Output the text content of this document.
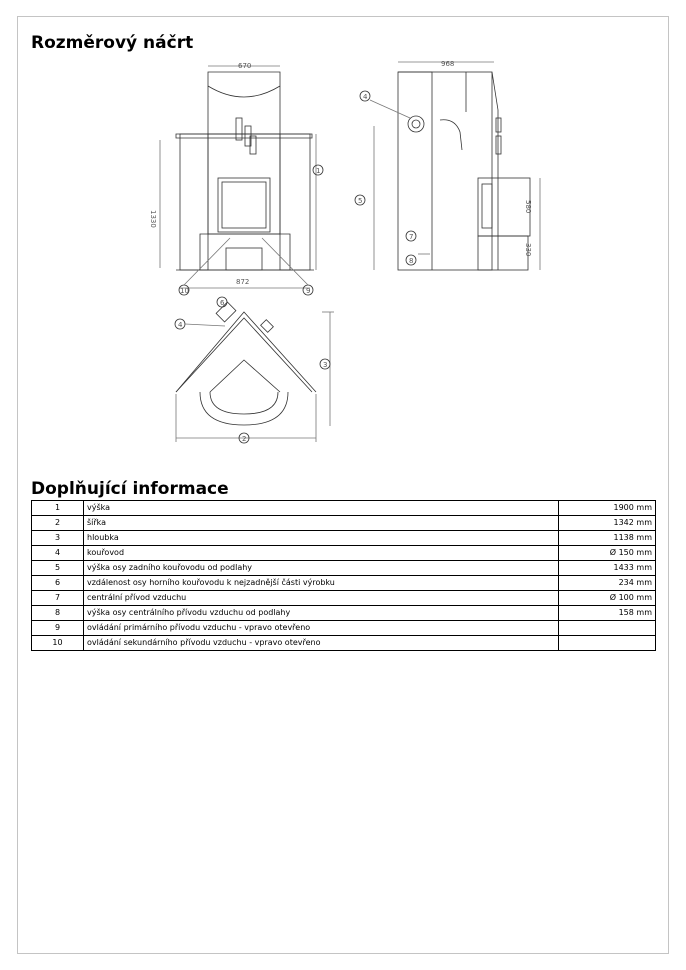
Rozměrový náčrt
670
1330
872
968
580
330
1
2
3
4
4
5
6
7
8
9
10
Doplňující informace
1	výška	1900 mm
2	šířka	1342 mm
3	hloubka	1138 mm
4	kouřovod	Ø 150 mm
5	výška osy zadního kouřovodu od podlahy	1433 mm
6	vzdálenost osy horního kouřovodu k nejzadnější části výrobku	234 mm
7	centrální přívod vzduchu	Ø 100 mm
8	výška osy centrálního přívodu vzduchu od podlahy	158 mm
9	ovládání primárního přívodu vzduchu - vpravo otevřeno	
10	ovládání sekundárního přívodu vzduchu - vpravo otevřeno	
